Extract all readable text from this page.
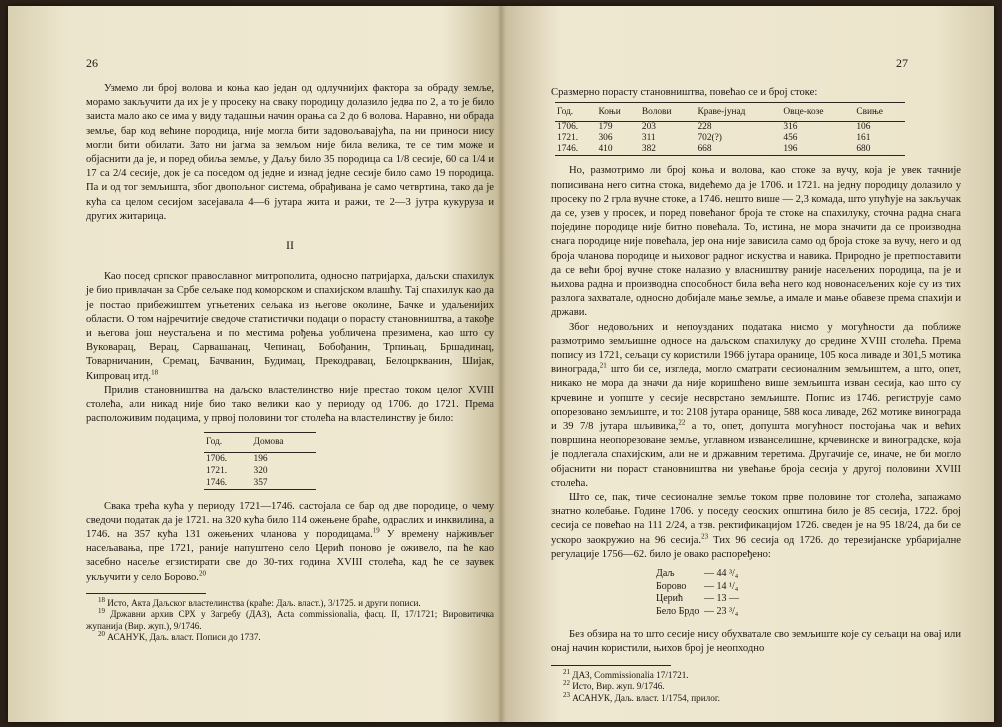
26

Узмемо ли број волова и коња као један од одлучнијих фактора за обраду земље, морамо закључити да их је у просеку на сваку породицу долазило једва по 2, а то је било заиста мало ако се има у виду тадашњи начин орања са 2 до 6 волова. Наравно, ни обрада земље, бар код већине породица, није могла бити задовољавајућа, па ни приноси нису могли бити обилати. Зато ни јагма за земљом није била велика, те се тим може и објаснити да је, и поред обиља земље, у Даљу било 35 породица са 1/8 сесије, 60 са 1/4 и 17 са 2/4 сесије, док је са поседом од једне и изнад једне сесије било само 19 породица. Па и од тог земљишта, због двопољног система, обрађивана је само четвртина, тако да је кућа са целом сесијом засејавала 4—6 јутара жита и ражи, те 2—3 јутра кукуруза и других житарица.

II

Као посед српског православног митрополита, односно патријарха, даљски спахилук је био привлачан за Србе сељаке под коморском и спахијском влашћу. Тај спахилук као да је постао прибежиштем угњетених сељака из његове околине, Бачке и удаљенијих области. О том најречитије сведоче статистички подаци о порасту становништва, а такође и његова још неустаљена и по местима рођења уобличена презимена, као што су Вуковарац, Верац, Сарвашанац, Чепинац, Бобођанин, Трпињац, Бршадинац, Товарничанин, Сремац, Бачванин, Будимац, Прекодравац, Белоцркванин, Шијак, Кипровац итд.$^{18}$

Прилив становништва на даљско властелинство није престао током целог XVIII столећа, али никад није био тако велики као у периоду од 1706. до 1721. Према расположивим подацима, у првој половини тог столећа на властелинству је било:

Год.	Домова
1706.	196
1721.	320
1746.	357

Свака трећа кућа у периоду 1721—1746. састојала се бар од две породице, о чему сведочи податак да је 1721. на 320 кућа било 114 ожењене браће, одраслих и инквилина, а 1746. на 357 кућа 131 ожењених чланова у породицама.$^{19}$ У времену најживљег насељавања, пре 1721, раније напуштено село Церић поново је оживело, па ће као засебно насеље егзистирати све до 30-тих година XVIII столећа, кад ће се заувек укључити у село Борово.$^{20}$

$^{18}$ Исто, Акта Даљског властелинства (краће: Даљ. власт.), 3/1725. и други пописи.
$^{19}$ Државни архив СРХ у Загребу (ДАЗ), Acta commissionalia, фасц. II, 17/1721; Вировитичка жупанија (Вир. жуп.), 9/1746.
$^{20}$ АСАНУК, Даљ. власт. Пописи до 1737.
27

Сразмерно порасту становништва, повећао се и број стоке:

Год.	Коњи	Волови	Краве-јунад	Овце-козе	Свиње
1706.	179	203	228	316	106
1721.	306	311	702(?)	456	161
1746.	410	382	668	196	680

Но, размотримо ли број коња и волова, као стоке за вучу, која је увек тачније пописивана него ситна стока, видећемо да је 1706. и 1721. на једну породицу долазило у просеку по 2 грла вучне стоке, а 1746. нешто више — 2,3 комада, што упућује на закључак да се, узев у просек, и поред повећаног броја те стоке на спахилуку, сточна радна снага појединe породице није битно повећала. То, истина, не мора значити да се производна снага породице није повећала, јер она није зависила само од броја стоке за вучу, него и од броја чланова породице и њиховог радног искуства и навика. Природно је претпоставити да се већи број вучне стоке налазио у власништву раније насељених породица, па је и њихова радна и производна способност била већа него код новонасељених које су из тих разлога захватале, односно добијале мање земље, а имале и мање обавезе према спахији и држави.

Због недовољних и непоузданих података нисмо у могућности да поближе размотримо земљишне односе на даљском спахилуку до средине XVIII столећа. Према попису из 1721, сељаци су користили 1966 јутара оранице, 105 коса ливаде и 301,5 мотика винограда,$^{21}$ што би се, изгледа, могло сматрати сесионалним земљиштем, а што, опет, никако не мора да значи да није коришћено више земљишта изван сесија, као што су крчевине и уопште у сесије несврстано земљиште. Попис из 1746. региструје само опорезовано земљиште, и то: 2108 јутара оранице, 588 коса ливаде, 262 мотике винограда и 39 7/8 јутара шљивика,$^{22}$ а то, опет, допушта могућност постојања чак и већих површина неопорезоване земље, углавном изванселишне, крчевинске и виноградске, која је подлегала спахијским, али не и државним теретима. Другачије се, иначе, не би могло објаснити ни пораст становништва ни увећање броја сесија у другој половини XVIII столећа.

Што се, пак, тиче сесионалне земље током прве половине тог столећа, запажамо знатно колебање. Године 1706. у поседу сеоских општина било је 85 сесија, 1722. број сесија се повећао на 111 2/24, а тзв. ректификацијом 1726. сведен је на 95 18/24, да би се ускоро заокружио на 96 сесија.$^{23}$ Тих 96 сесија од 1726. до терезијанске урбаријалне регулације 1756—62. било је овако распоређено:

Даљ	— 44 ³/₄
Борово	— 14 ¹/₄
Церић	— 13 —
Бело Брдо — 23 ³/₄

Без обзира на то што сесије нису обухватале сво земљиште које су сељаци на овај или онај начин користили, њихов број је неопходно

$^{21}$ ДАЗ, Commissionalia 17/1721.
$^{22}$ Исто, Вир. жуп. 9/1746.
$^{23}$ АСАНУК, Даљ. власт. 1/1754, прилог.
